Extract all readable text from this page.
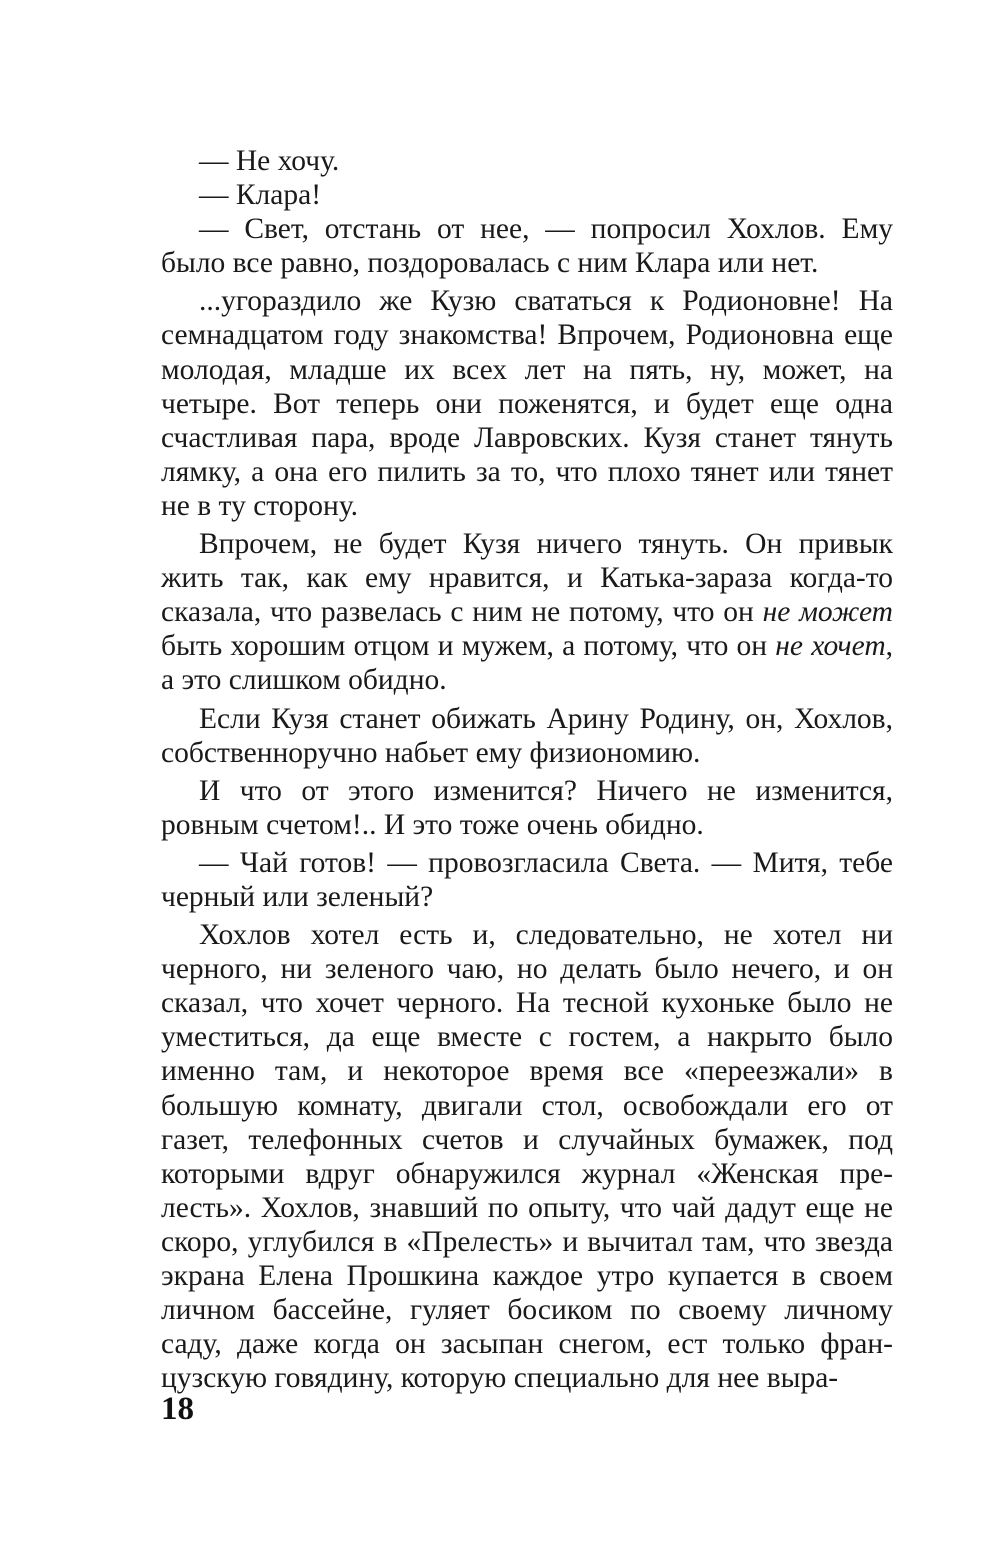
— Не хочу.

— Клара!

— Свет, отстань от нее, — попросил Хохлов. Ему было все равно, поздоровалась с ним Клара или нет.

...угораздило же Кузю свататься к Родионовне! На семнадцатом году знакомства! Впрочем, Родионовна еще молодая, младше их всех лет на пять, ну, может, на четыре. Вот теперь они поженятся, и будет еще одна счастливая пара, вроде Лавровских. Кузя станет тянуть лямку, а она его пилить за то, что плохо тянет или тянет не в ту сторону.

Впрочем, не будет Кузя ничего тянуть. Он привык жить так, как ему нравится, и Катька-зараза когда-то сказала, что развелась с ним не потому, что он не может быть хорошим отцом и мужем, а потому, что он не хочет, а это слишком обидно.

Если Кузя станет обижать Арину Родину, он, Хохлов, собственноручно набьет ему физиономию.

И что от этого изменится? Ничего не изменится, ровным счетом!.. И это тоже очень обидно.

— Чай готов! — провозгласила Света. — Митя, тебе черный или зеленый?

Хохлов хотел есть и, следовательно, не хотел ни черного, ни зеленого чаю, но делать было нечего, и он сказал, что хочет черного. На тесной кухоньке было не уместиться, да еще вместе с гостем, а накрыто было именно там, и некоторое время все «переезжали» в большую комнату, двигали стол, освобождали его от газет, телефонных счетов и случайных бумажек, под которыми вдруг обнаружился журнал «Женская прелесть». Хохлов, знавший по опыту, что чай дадут еще не скоро, углубился в «Прелесть» и вычитал там, что звезда экрана Елена Прошкина каждое утро купается в своем личном бассейне, гуляет босиком по своему личному саду, даже когда он засыпан снегом, ест только французскую говядину, которую специально для нее выра-

18
